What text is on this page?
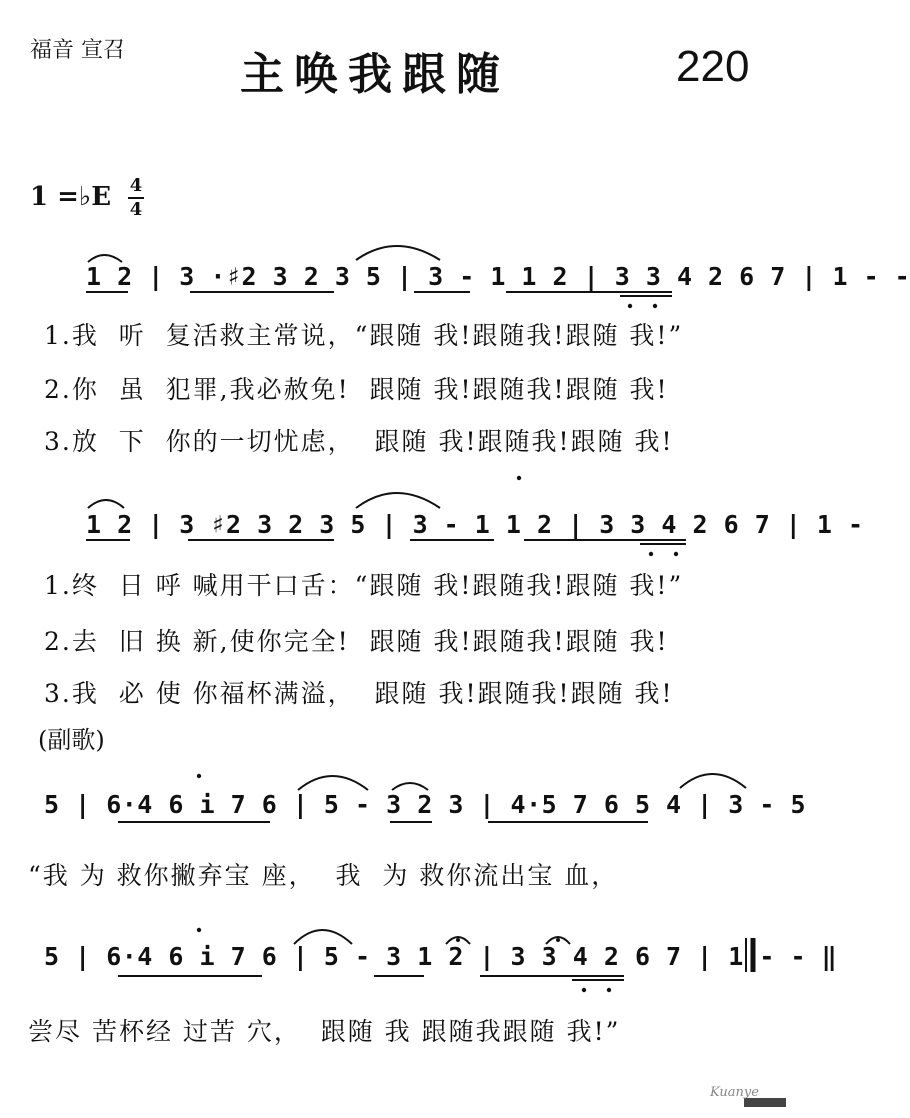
福音 宣召	主唤我跟随	220
1 =♭E 4
4
1 2 | 3 ·♯2 3 2 3 5 | 3 - 1 1 2 | 3 3 4 2 6 7 | 1 - -
1.我  听  复活救主常说，“跟随 我!跟随我!跟随 我!”
2.你  虽  犯罪,我必赦免!  跟随 我!跟随我!跟随 我!
3.放  下  你的一切忧虑，  跟随 我!跟随我!跟随 我!
1 2 | 3 ♯2 3 2 3 5 | 3 - 1 1 2 | 3 3 4 2 6 7 | 1 -
1.终  日 呼 喊用干口舌：“跟随 我!跟随我!跟随 我!”
2.去  旧 换 新,使你完全!  跟随 我!跟随我!跟随 我!
3.我  必 使 你福杯满溢，  跟随 我!跟随我!跟随 我!
(副歌)
5 | 6·4 6 i 7 6 | 5 - 3 2 3 | 4·5 7 6 5 4 | 3 - 5
“我 为 救你撇弃宝 座，  我  为 救你流出宝 血，
5 | 6·4 6 i 7 6 | 5 - 3 1 2 | 3 3 4 2 6 7 | 1 - - ‖
尝尽 苦杯经 过苦 穴，  跟随 我 跟随我跟随 我!”
Kuanye
